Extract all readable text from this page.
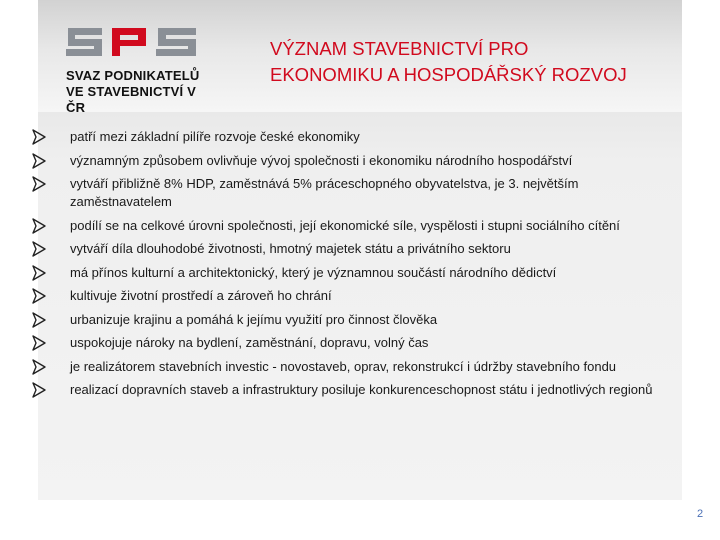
SVAZ PODNIKATELŮ
VE STAVEBNICTVÍ V ČR
VÝZNAM STAVEBNICTVÍ PRO
EKONOMIKU A HOSPODÁŘSKÝ ROZVOJ
patří mezi základní pilíře rozvoje české ekonomiky
významným způsobem ovlivňuje vývoj společnosti i ekonomiku národního hospodářství
vytváří přibližně 8% HDP, zaměstnává 5% práceschopného obyvatelstva, je 3. největším zaměstnavatelem
podílí se na celkové úrovni společnosti, její ekonomické síle, vyspělosti i stupni sociálního cítění
vytváří díla dlouhodobé životnosti, hmotný majetek státu a privátního sektoru
má přínos kulturní a architektonický, který je významnou součástí národního dědictví
kultivuje životní prostředí a zároveň ho chrání
urbanizuje krajinu a pomáhá k jejímu využití pro činnost člověka
uspokojuje nároky na bydlení, zaměstnání, dopravu, volný čas
je realizátorem stavebních investic - novostaveb, oprav, rekonstrukcí i údržby stavebního fondu
realizací dopravních staveb a infrastruktury posiluje konkurenceschopnost státu i jednotlivých regionů
2
